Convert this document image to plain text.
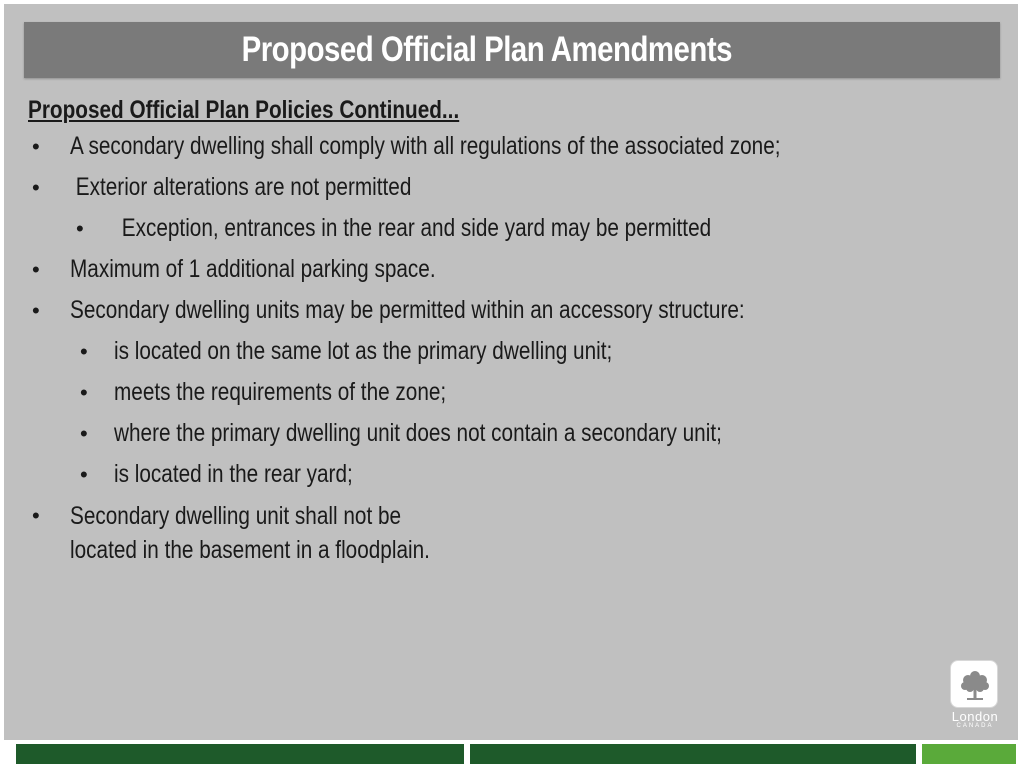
Proposed Official Plan Amendments
Proposed Official Plan Policies Continued...
• A secondary dwelling shall comply with all regulations of the associated zone;
• Exterior alterations are not permitted
• Exception, entrances in the rear and side yard may be permitted
• Maximum of 1 additional parking space.
• Secondary dwelling units may be permitted within an accessory structure:
• is located on the same lot as the primary dwelling unit;
• meets the requirements of the zone;
• where the primary dwelling unit does not contain a secondary unit;
• is located in the rear yard;
• Secondary dwelling unit shall not be
located in the basement in a floodplain.
London
CANADA
